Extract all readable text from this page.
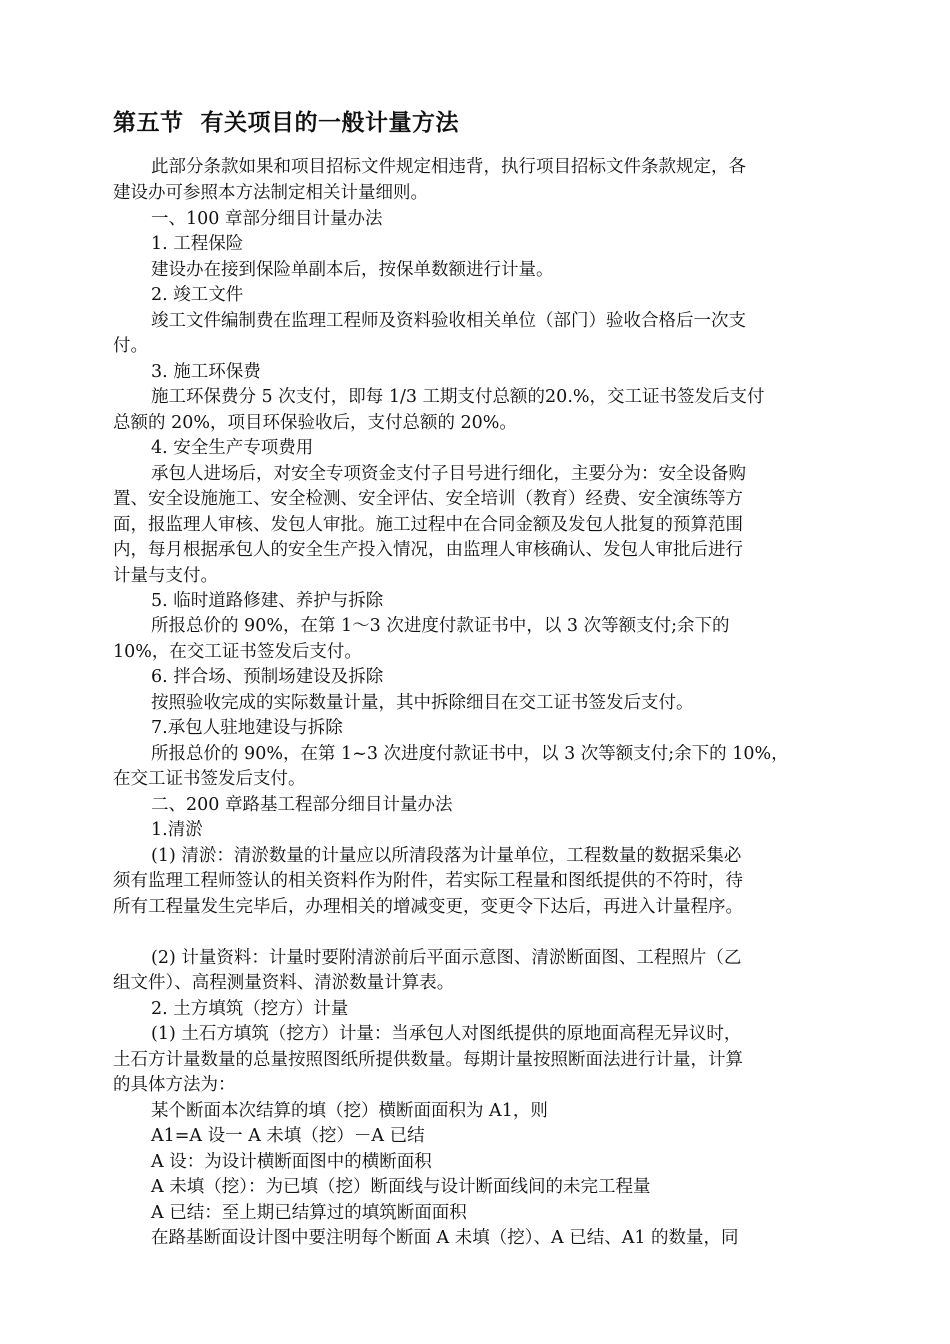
第五节  有关项目的一般计量方法
此部分条款如果和项目招标文件规定相违背，执行项目招标文件条款规定，各
建设办可参照本方法制定相关计量细则。
一、100 章部分细目计量办法
1. 工程保险
建设办在接到保险单副本后，按保单数额进行计量。
2. 竣工文件
竣工文件编制费在监理工程师及资料验收相关单位（部门）验收合格后一次支
付。
3. 施工环保费
施工环保费分 5 次支付，即每 1/3 工期支付总额的20.%，交工证书签发后支付
总额的 20%，项目环保验收后，支付总额的 20%。
4. 安全生产专项费用
承包人进场后，对安全专项资金支付子目号进行细化，主要分为：安全设备购
置、安全设施施工、安全检测、安全评估、安全培训（教育）经费、安全演练等方
面，报监理人审核、发包人审批。施工过程中在合同金额及发包人批复的预算范围
内，每月根据承包人的安全生产投入情况，由监理人审核确认、发包人审批后进行
计量与支付。
5. 临时道路修建、养护与拆除
所报总价的 90%，在第 1～3 次进度付款证书中，以 3 次等额支付;余下的
10%，在交工证书签发后支付。
6. 拌合场、预制场建设及拆除
按照验收完成的实际数量计量，其中拆除细目在交工证书签发后支付。
7.承包人驻地建设与拆除
所报总价的 90%，在第 1~3 次进度付款证书中，以 3 次等额支付;余下的 10%，
在交工证书签发后支付。
二、200 章路基工程部分细目计量办法
1.清淤
(1) 清淤：清淤数量的计量应以所清段落为计量单位，工程数量的数据采集必
须有监理工程师签认的相关资料作为附件，若实际工程量和图纸提供的不符时，待
所有工程量发生完毕后，办理相关的增减变更，变更令下达后，再进入计量程序。
(2) 计量资料：计量时要附清淤前后平面示意图、清淤断面图、工程照片（乙
组文件）、高程测量资料、清淤数量计算表。
2. 土方填筑（挖方）计量
(1) 土石方填筑（挖方）计量：当承包人对图纸提供的原地面高程无异议时，
土石方计量数量的总量按照图纸所提供数量。每期计量按照断面法进行计量，计算
的具体方法为：
某个断面本次结算的填（挖）横断面面积为 A1，则
A1=A 设一 A 未填（挖）－A 已结
A 设：为设计横断面图中的横断面积
A 未填（挖）：为已填（挖）断面线与设计断面线间的未完工程量
A 已结：至上期已结算过的填筑断面面积
在路基断面设计图中要注明每个断面 A 未填（挖）、A 已结、A1 的数量，同
